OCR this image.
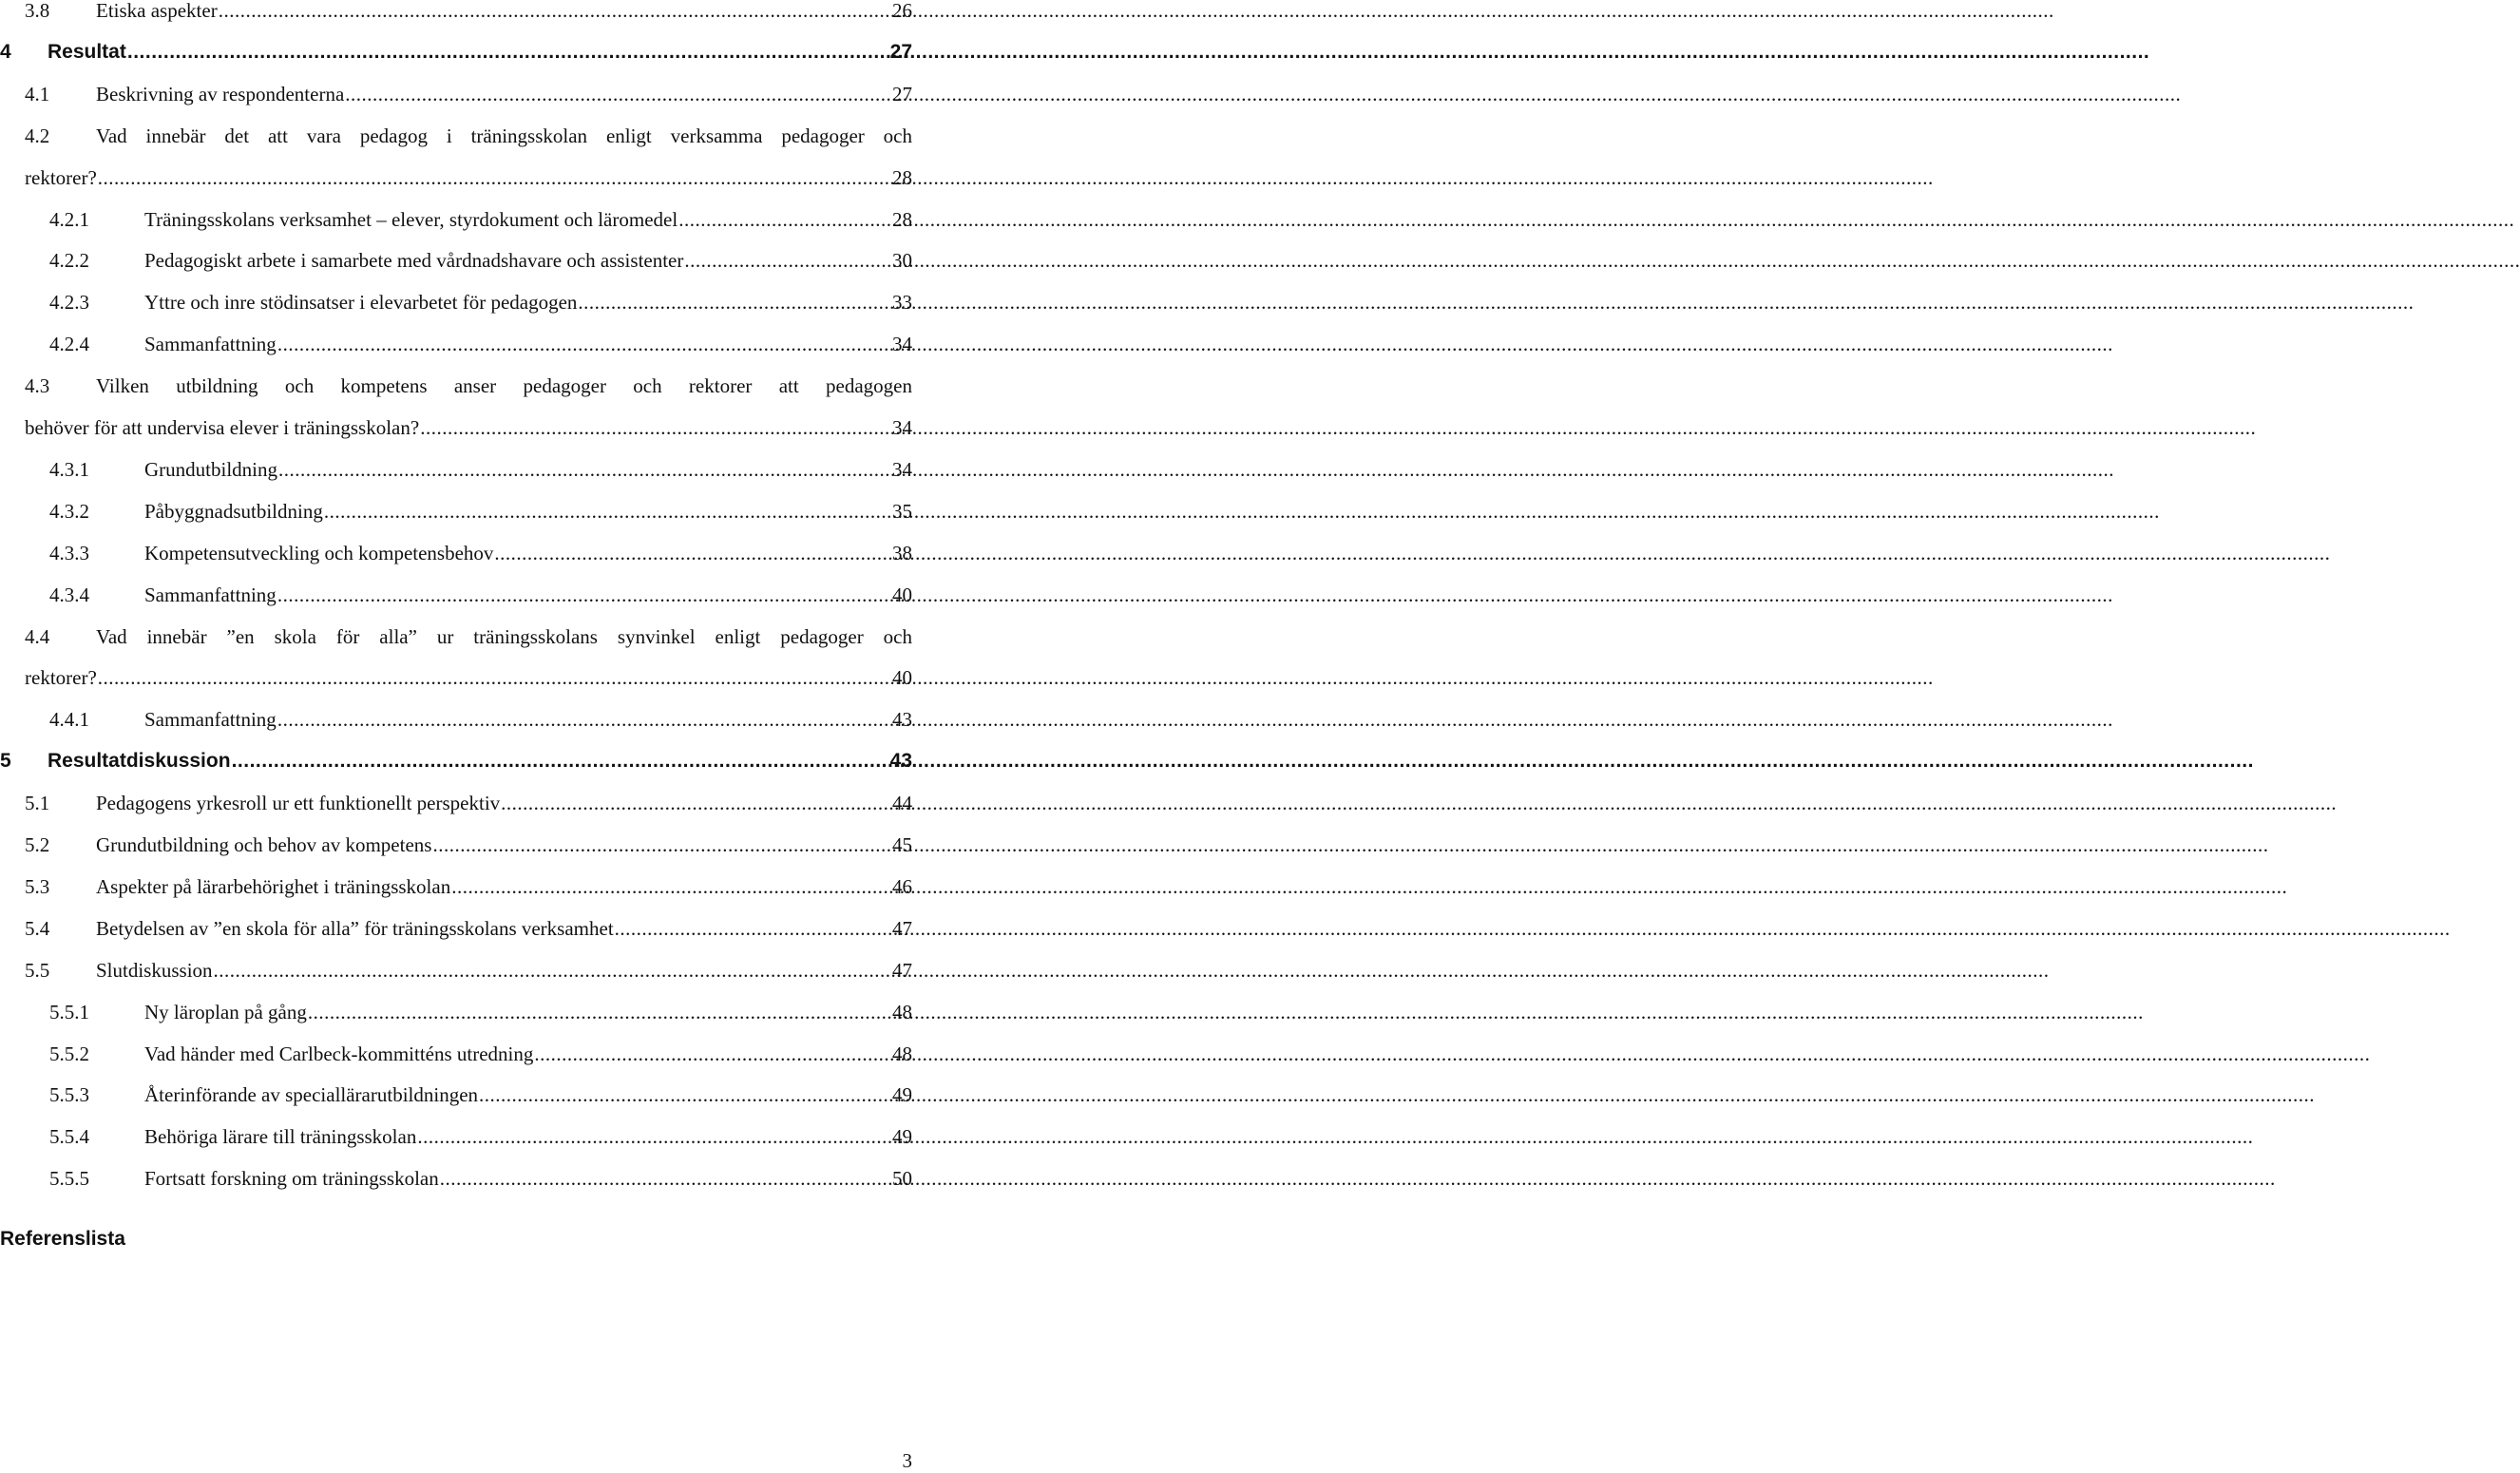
3.8	Etiska aspekter .....	26
4	Resultat .....	27
4.1	Beskrivning av respondenterna .....	27
4.2	Vad innebär det att vara pedagog i träningsskolan enligt verksamma pedagoger och
rektorer? .....	28
4.2.1	Träningsskolans verksamhet – elever, styrdokument och läromedel .....	28
4.2.2	Pedagogiskt arbete i samarbete med vårdnadshavare och assistenter .....	30
4.2.3	Yttre och inre stödinsatser i elevarbetet för pedagogen .....	33
4.2.4	Sammanfattning .....	34
4.3	Vilken utbildning och kompetens anser pedagoger och rektorer att pedagogen
behöver för att undervisa elever i träningsskolan? .....	34
4.3.1	Grundutbildning .....	34
4.3.2	Påbyggnadsutbildning .....	35
4.3.3	Kompetensutveckling och kompetensbehov .....	38
4.3.4	Sammanfattning .....	40
4.4	Vad innebär ”en skola för alla” ur träningsskolans synvinkel enligt pedagoger och
rektorer? .....	40
4.4.1	Sammanfattning .....	43
5	Resultatdiskussion .....	43
5.1	Pedagogens yrkesroll ur ett funktionellt perspektiv .....	44
5.2	Grundutbildning och behov av kompetens .....	45
5.3	Aspekter på lärarbehörighet i träningsskolan .....	46
5.4	Betydelsen av ”en skola för alla” för träningsskolans verksamhet .....	47
5.5	Slutdiskussion .....	47
5.5.1	Ny läroplan på gång .....	48
5.5.2	Vad händer med Carlbeck-kommitténs utredning .....	48
5.5.3	Återinförande av speciallärarutbildningen .....	49
5.5.4	Behöriga lärare till träningsskolan .....	49
5.5.5	Fortsatt forskning om träningsskolan .....	50
Referenslista
3
